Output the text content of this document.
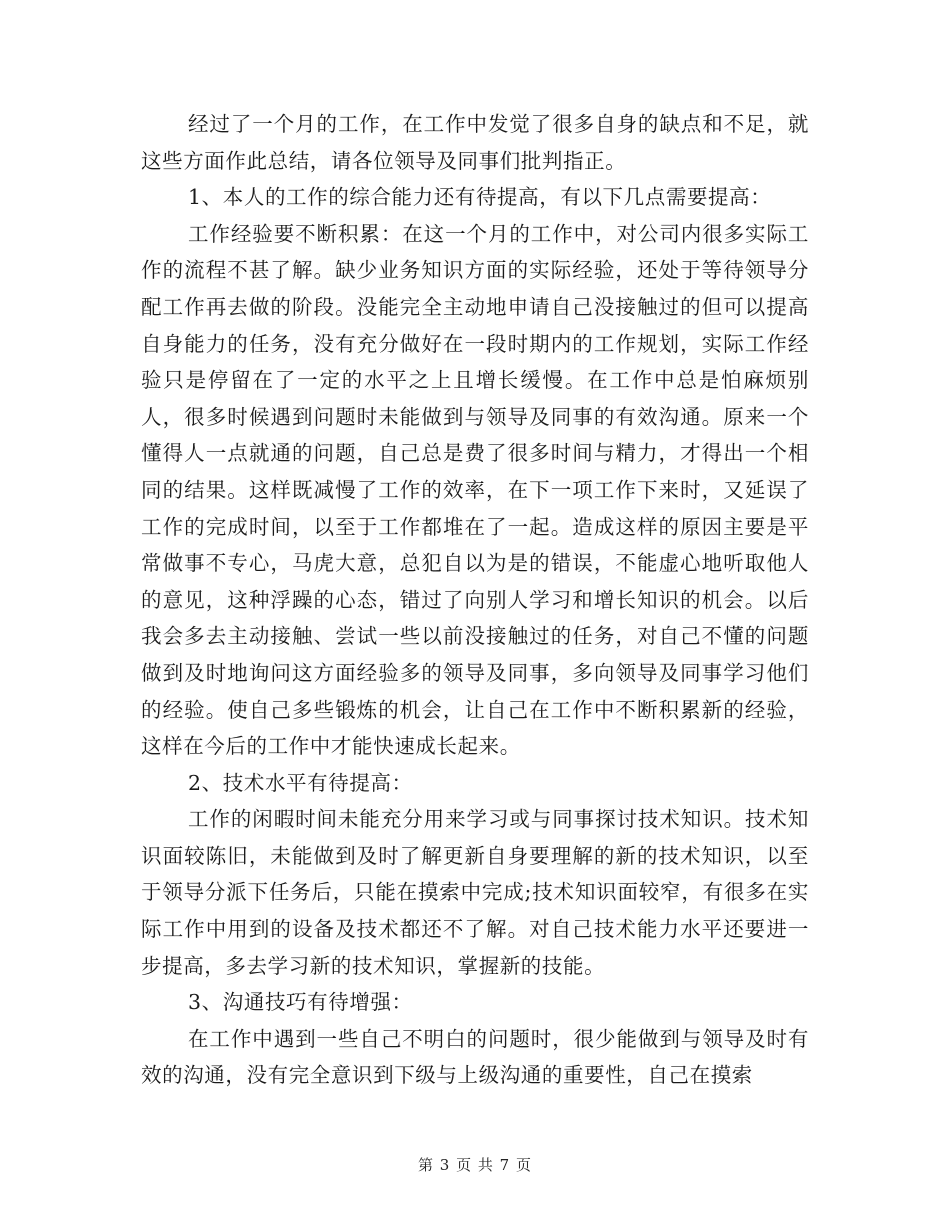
经过了一个月的工作，在工作中发觉了很多自身的缺点和不足，就这些方面作此总结，请各位领导及同事们批判指正。

1、本人的工作的综合能力还有待提高，有以下几点需要提高：

工作经验要不断积累：在这一个月的工作中，对公司内很多实际工作的流程不甚了解。缺少业务知识方面的实际经验，还处于等待领导分配工作再去做的阶段。没能完全主动地申请自己没接触过的但可以提高自身能力的任务，没有充分做好在一段时期内的工作规划，实际工作经验只是停留在了一定的水平之上且增长缓慢。在工作中总是怕麻烦别人，很多时候遇到问题时未能做到与领导及同事的有效沟通。原来一个懂得人一点就通的问题，自己总是费了很多时间与精力，才得出一个相同的结果。这样既减慢了工作的效率，在下一项工作下来时，又延误了工作的完成时间，以至于工作都堆在了一起。造成这样的原因主要是平常做事不专心，马虎大意，总犯自以为是的错误，不能虚心地听取他人的意见，这种浮躁的心态，错过了向别人学习和增长知识的机会。以后我会多去主动接触、尝试一些以前没接触过的任务，对自己不懂的问题做到及时地询问这方面经验多的领导及同事，多向领导及同事学习他们的经验。使自己多些锻炼的机会，让自己在工作中不断积累新的经验，这样在今后的工作中才能快速成长起来。

2、技术水平有待提高：

工作的闲暇时间未能充分用来学习或与同事探讨技术知识。技术知识面较陈旧，未能做到及时了解更新自身要理解的新的技术知识，以至于领导分派下任务后，只能在摸索中完成;技术知识面较窄，有很多在实际工作中用到的设备及技术都还不了解。对自己技术能力水平还要进一步提高，多去学习新的技术知识，掌握新的技能。

3、沟通技巧有待增强：

在工作中遇到一些自己不明白的问题时，很少能做到与领导及时有效的沟通，没有完全意识到下级与上级沟通的重要性，自己在摸索

第 3 页 共 7 页
